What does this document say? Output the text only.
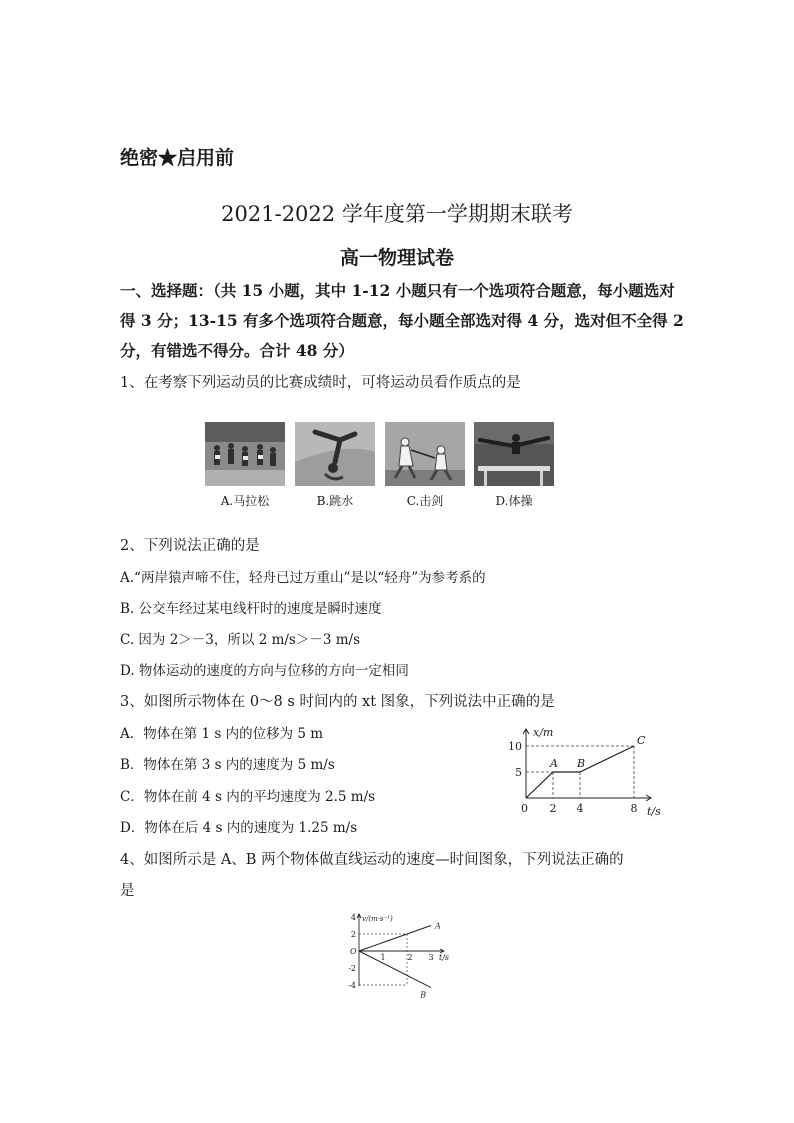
绝密★启用前
2021-2022 学年度第一学期期末联考
高一物理试卷
一、选择题：（共 15 小题，其中 1-12 小题只有一个选项符合题意，每小题选对
得 3 分；13-15 有多个选项符合题意，每小题全部选对得 4 分，选对但不全得 2
分，有错选不得分。合计 48 分）
1、在考察下列运动员的比赛成绩时，可将运动员看作质点的是
A.马拉松	B.跳水	C.击剑	D.体操
2、下列说法正确的是
A.“两岸猿声啼不住，轻舟已过万重山”是以“轻舟”为参考系的
B. 公交车经过某电线杆时的速度是瞬时速度
C. 因为 2＞－3，所以 2 m/s＞－3 m/s
D. 物体运动的速度的方向与位移的方向一定相同
3、如图所示物体在 0～8 s 时间内的 xt 图象，下列说法中正确的是
A．物体在第 1 s 内的位移为 5 m
B．物体在第 3 s 内的速度为 5 m/s
C．物体在前 4 s 内的平均速度为 2.5 m/s
D．物体在后 4 s 内的速度为 1.25 m/s
x/m
t/s
0 2 4	8
5
10
A B
C
4、如图所示是 A、B 两个物体做直线运动的速度—时间图象，下列说法正确的
是
v/(m·s⁻¹)
t/s
O
1	2 3
4
2
-2
-4
A
B
